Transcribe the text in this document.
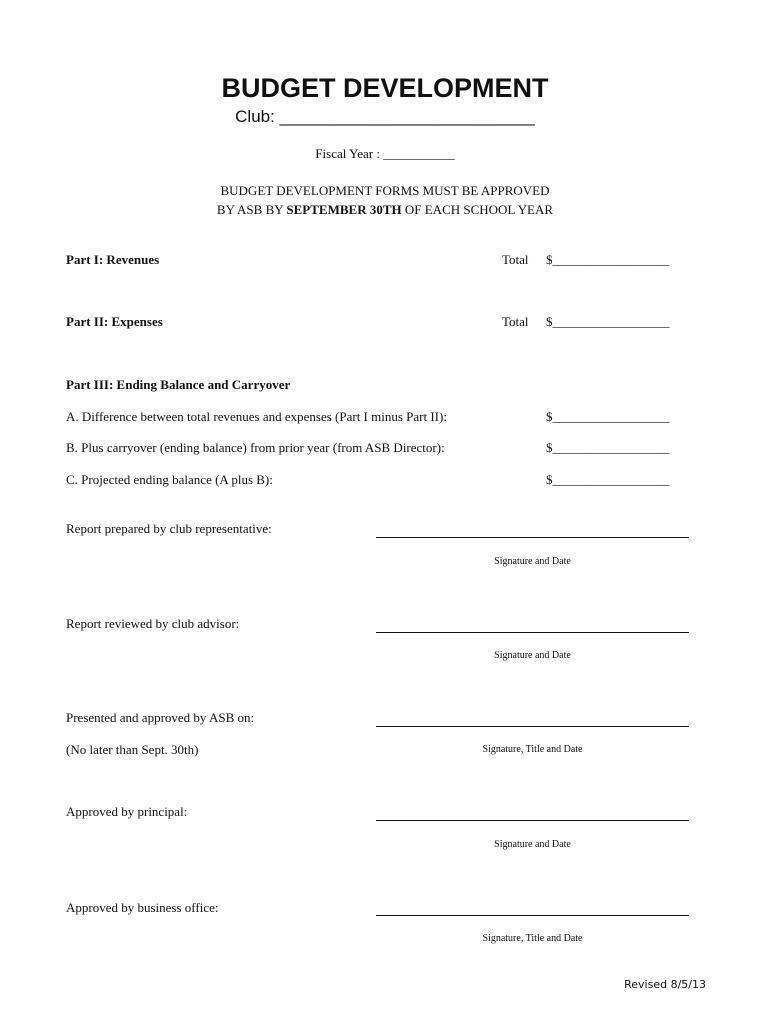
BUDGET DEVELOPMENT
Club: ___________________________
Fiscal Year : ___________
BUDGET DEVELOPMENT FORMS MUST BE APPROVED
BY ASB BY SEPTEMBER 30TH OF EACH SCHOOL YEAR
Part I: Revenues	Total $__________________
Part II: Expenses	Total $__________________
Part III: Ending Balance and Carryover
A. Difference between total revenues and expenses (Part I minus Part II):	$__________________
B. Plus carryover (ending balance) from prior year (from ASB Director):	$__________________
C. Projected ending balance (A plus B):	$__________________
Report prepared by club representative:
Signature and Date
Report reviewed by club advisor:
Signature and Date
Presented and approved by ASB on:
(No later than Sept. 30th)	Signature, Title and Date
Approved by principal:
Signature and Date
Approved by business office:
Signature, Title and Date
Revised 8/5/13
